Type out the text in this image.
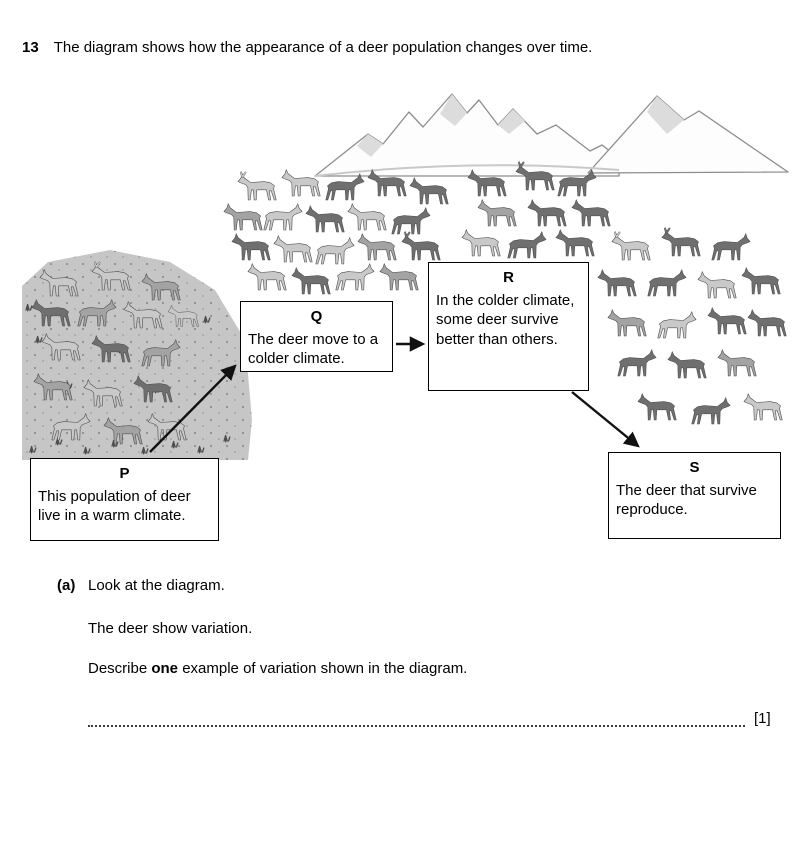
13 The diagram shows how the appearance of a deer population changes over time.
P
This population of deer live in a warm climate.
Q
The deer move to a colder climate.
R
In the colder climate, some deer survive better than others.
S
The deer that survive reproduce.
(a) Look at the diagram.
The deer show variation.
Describe one example of variation shown in the diagram.
[1]
